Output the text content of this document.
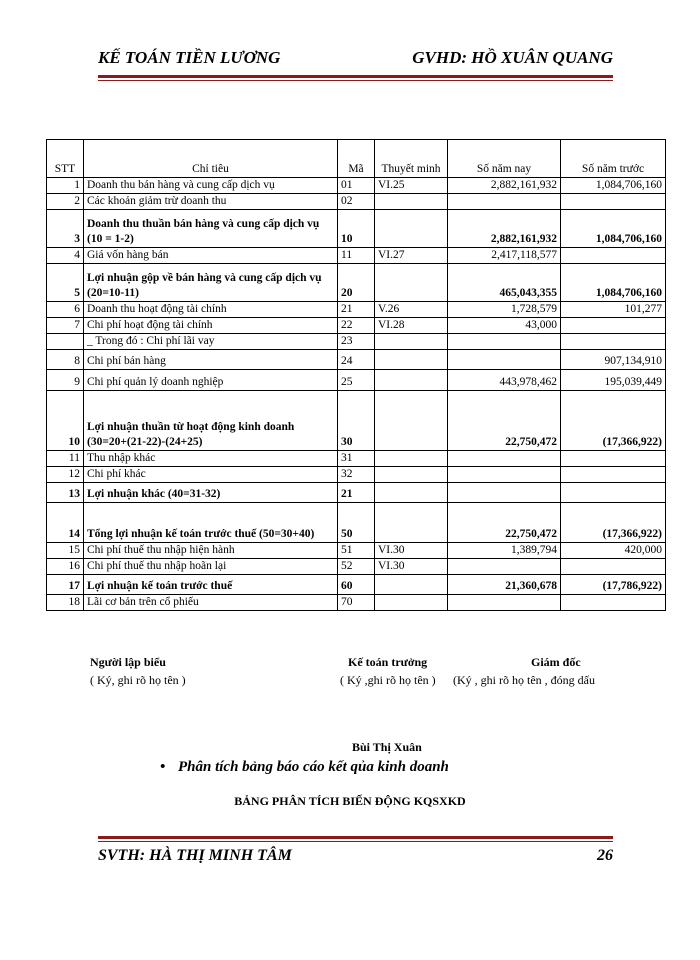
KẾ TOÁN TIỀN LƯƠNG	GVHD: HỒ XUÂN QUANG
STT	Chỉ tiêu	Mã	Thuyết minh	Số năm nay	Số năm trước
1	Doanh thu bán hàng và cung cấp dịch vụ	01	VI.25	2,882,161,932	1,084,706,160
2	Các khoản giảm trừ doanh thu	02			
3	Doanh thu thuần bán hàng và cung cấp dịch vụ (10 = 1-2)	10		2,882,161,932	1,084,706,160
4	Giá vốn hàng bán	11	VI.27	2,417,118,577	
5	Lợi nhuận gộp về bán hàng và cung cấp dịch vụ (20=10-11)	20		465,043,355	1,084,706,160
6	Doanh thu hoạt động tài chính	21	V.26	1,728,579	101,277
7	Chi phí hoạt động tài chính	22	VI.28	43,000	
	_ Trong đó : Chi phí lãi vay	23			
8	Chi phí bán hàng	24			907,134,910
9	Chi phí quản lý doanh nghiệp	25		443,978,462	195,039,449
10	Lợi nhuận thuần từ hoạt động kinh doanh (30=20+(21-22)-(24+25)	30		22,750,472	(17,366,922)
11	Thu nhập khác	31			
12	Chi phí khác	32			
13	Lợi nhuận khác (40=31-32)	21			
14	Tổng lợi nhuận kế toán trước thuế (50=30+40)	50		22,750,472	(17,366,922)
15	Chi phí thuế thu nhập hiện hành	51	VI.30	1,389,794	420,000
16	Chi phí thuế thu nhập hoãn lại	52	VI.30		
17	Lợi nhuận kế toán trước thuế	60		21,360,678	(17,786,922)
18	Lãi cơ bản trên cổ phiếu	70			
Người lập biểu
( Ký, ghi rõ họ tên )
Kế toán trưởng
( Ký ,ghi rõ họ tên )
Giám đốc
(Ký , ghi rõ họ tên , đóng dấu
Bùi Thị Xuân
• Phân tích bảng báo cáo kết qủa kinh doanh
BẢNG PHÂN TÍCH BIẾN ĐỘNG KQSXKD
SVTH: HÀ THỊ MINH TÂM	26
